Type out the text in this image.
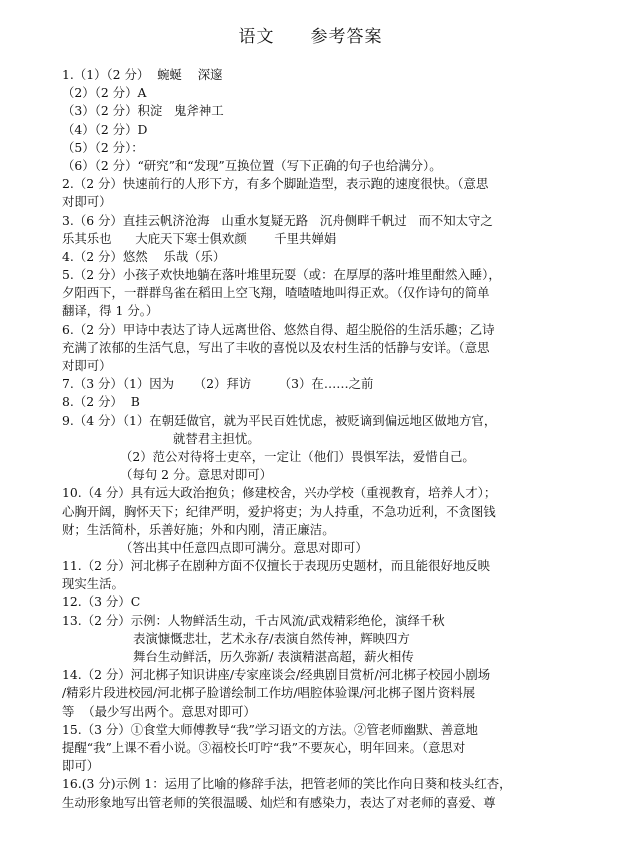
语文　　参考答案
1.（1）（2 分）  蜿蜒    深邃
（2）（2 分）A
（3）（2 分）积淀   鬼斧神工
（4）（2 分）D
（5）（2 分）：
（6）（2 分）“研究”和“发现”互换位置（写下正确的句子也给满分）。
2.（2 分）快速前行的人形下方，有多个脚趾造型，表示跑的速度很快。（意思
对即可）
3.（6 分）直挂云帆济沧海   山重水复疑无路   沉舟侧畔千帆过   而不知太守之
乐其乐也      大庇天下寒士俱欢颜       千里共婵娟
4.（2 分）悠然    乐哉（乐）
5.（2 分）小孩子欢快地躺在落叶堆里玩耍（或：在厚厚的落叶堆里酣然入睡），
夕阳西下，一群群鸟雀在稻田上空飞翔，喳喳喳地叫得正欢。（仅作诗句的简单
翻译，得 1 分。）
6.（2 分）甲诗中表达了诗人远离世俗、悠然自得、超尘脱俗的生活乐趣；乙诗
充满了浓郁的生活气息，写出了丰收的喜悦以及农村生活的恬静与安详。（意思
对即可）
7.（3 分）（1）因为     （2）拜访       （3）在……之前
8.（2 分）  B
9.（4 分）（1）在朝廷做官，就为平民百姓忧虑，被贬谪到偏远地区做地方官，
就替君主担忧。
（2）范公对待将士吏卒，一定让（他们）畏惧军法，爱惜自己。
（每句 2 分。意思对即可）
10.（4 分）具有远大政治抱负；修建校舍，兴办学校（重视教育，培养人才）；
心胸开阔，胸怀天下；纪律严明，爱护将吏；为人持重，不急功近利，不贪图钱
财；生活简朴，乐善好施；外和内刚，清正廉洁。
（答出其中任意四点即可满分。意思对即可）
11.（2 分）河北梆子在剧种方面不仅擅长于表现历史题材，而且能很好地反映
现实生活。
12.（3 分）C
13.（2 分）示例：人物鲜活生动，千古风流/武戏精彩绝伦，演绎千秋
表演慷慨悲壮，艺术永存/表演自然传神，辉映四方
舞台生动鲜活，历久弥新/ 表演精湛高超，薪火相传
14.（2 分）河北梆子知识讲座/专家座谈会/经典剧目赏析/河北梆子校园小剧场
/精彩片段进校园/河北梆子脸谱绘制工作坊/唱腔体验课/河北梆子图片资料展
等  （最少写出两个。意思对即可）
15.（3 分）①食堂大师傅教导“我”学习语文的方法。②管老师幽默、善意地
提醒“我”上课不看小说。③福校长叮咛“我”不要灰心，明年回来。（意思对
即可）
16.(3 分)示例 1：运用了比喻的修辞手法，把管老师的笑比作向日葵和枝头红杏，
生动形象地写出管老师的笑很温暖、灿烂和有感染力，表达了对老师的喜爱、尊
